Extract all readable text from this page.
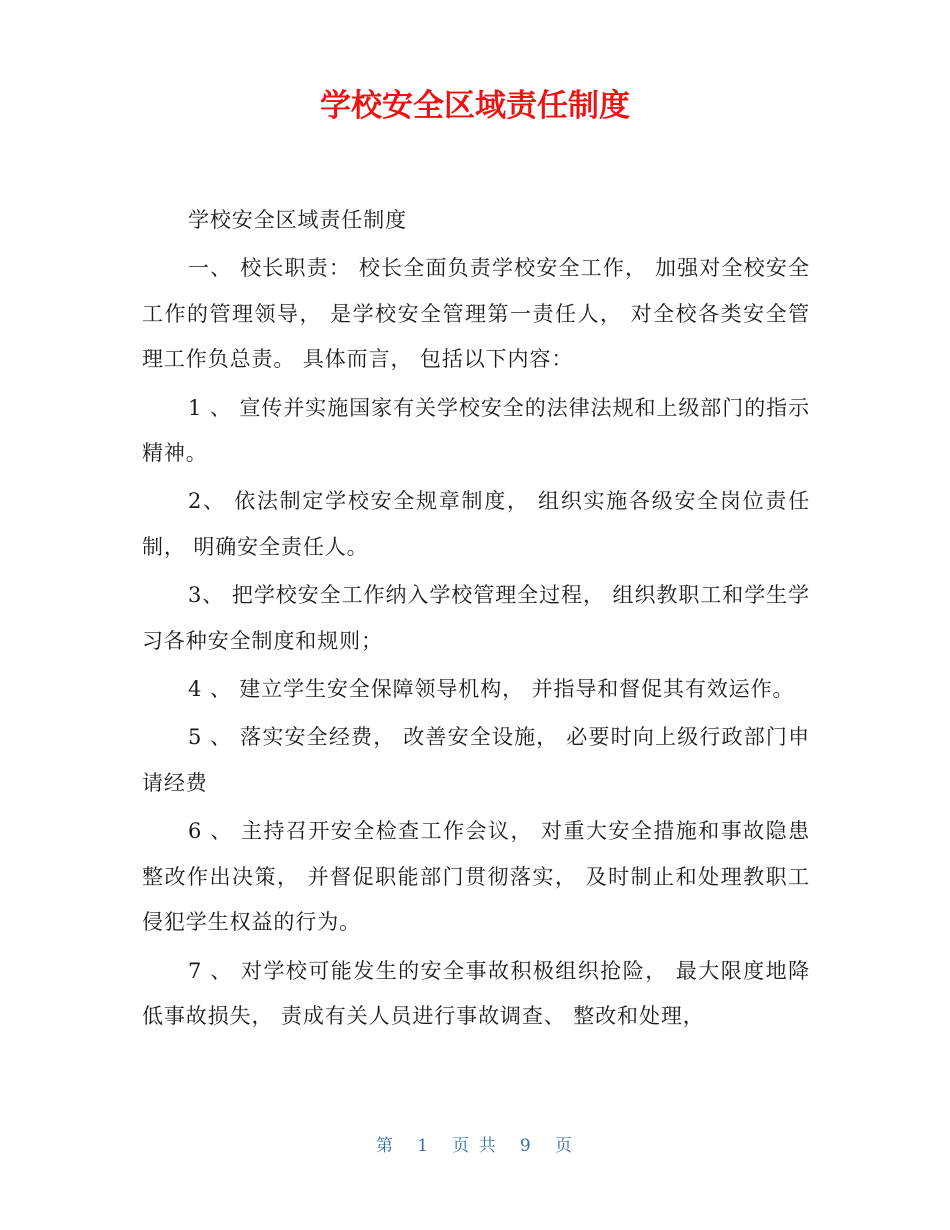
学校安全区域责任制度

学校安全区域责任制度

一、 校长职责： 校长全面负责学校安全工作， 加强对全校安全工作的管理领导， 是学校安全管理第一责任人， 对全校各类安全管理工作负总责。 具体而言， 包括以下内容：

1 、 宣传并实施国家有关学校安全的法律法规和上级部门的指示精神。

2、 依法制定学校安全规章制度， 组织实施各级安全岗位责任制， 明确安全责任人。

3、 把学校安全工作纳入学校管理全过程， 组织教职工和学生学习各种安全制度和规则；

4 、 建立学生安全保障领导机构， 并指导和督促其有效运作。

5 、 落实安全经费， 改善安全设施， 必要时向上级行政部门申请经费

6 、 主持召开安全检查工作会议， 对重大安全措施和事故隐患整改作出决策， 并督促职能部门贯彻落实， 及时制止和处理教职工侵犯学生权益的行为。

7 、 对学校可能发生的安全事故积极组织抢险， 最大限度地降低事故损失， 责成有关人员进行事故调查、 整改和处理，

第 1 页 共 9 页
